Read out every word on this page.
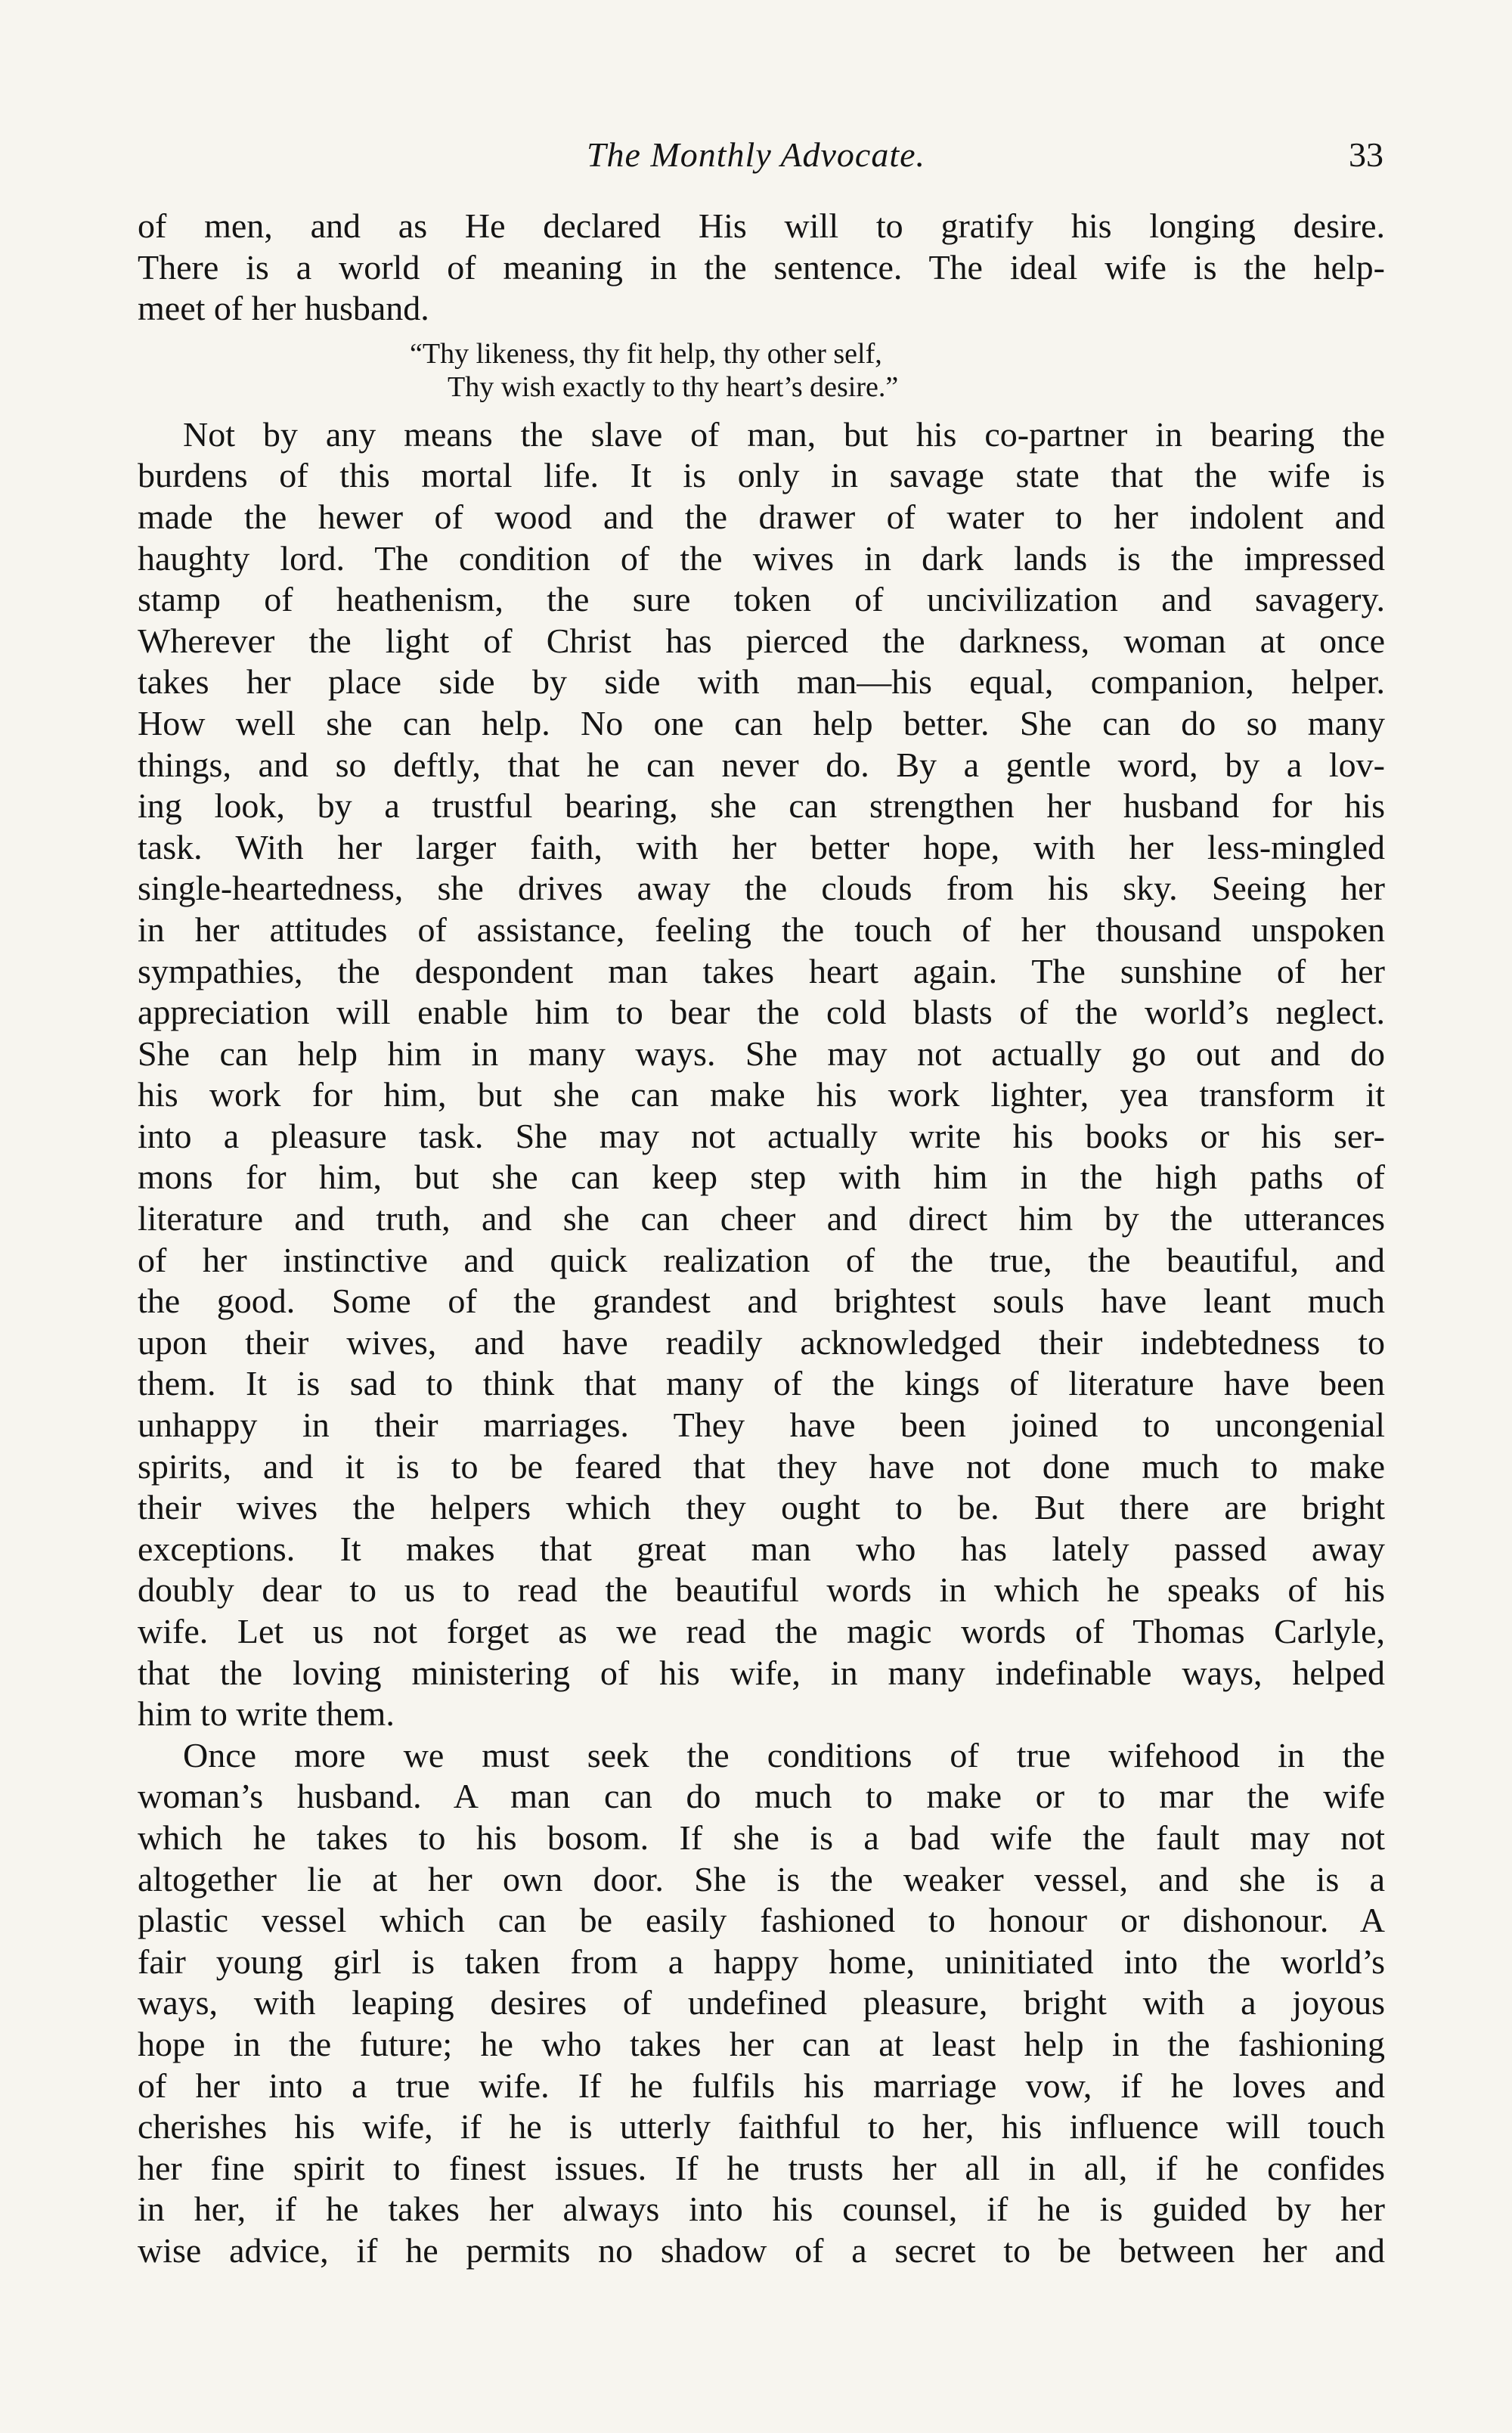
The Monthly Advocate.	33
of men, and as He declared His will to gratify his longing desire.
There is a world of meaning in the sentence. The ideal wife is the help-
meet of her husband.
“Thy likeness, thy fit help, thy other self,
Thy wish exactly to thy heart’s desire.”
Not by any means the slave of man, but his co-partner in bearing the
burdens of this mortal life. It is only in savage state that the wife is
made the hewer of wood and the drawer of water to her indolent and
haughty lord. The condition of the wives in dark lands is the impressed
stamp of heathenism, the sure token of uncivilization and savagery.
Wherever the light of Christ has pierced the darkness, woman at once
takes her place side by side with man—his equal, companion, helper.
How well she can help. No one can help better. She can do so many
things, and so deftly, that he can never do. By a gentle word, by a lov-
ing look, by a trustful bearing, she can strengthen her husband for his
task. With her larger faith, with her better hope, with her less-mingled
single-heartedness, she drives away the clouds from his sky. Seeing her
in her attitudes of assistance, feeling the touch of her thousand unspoken
sympathies, the despondent man takes heart again. The sunshine of her
appreciation will enable him to bear the cold blasts of the world’s neglect.
She can help him in many ways. She may not actually go out and do
his work for him, but she can make his work lighter, yea transform it
into a pleasure task. She may not actually write his books or his ser-
mons for him, but she can keep step with him in the high paths of
literature and truth, and she can cheer and direct him by the utterances
of her instinctive and quick realization of the true, the beautiful, and
the good. Some of the grandest and brightest souls have leant much
upon their wives, and have readily acknowledged their indebtedness to
them. It is sad to think that many of the kings of literature have been
unhappy in their marriages. They have been joined to uncongenial
spirits, and it is to be feared that they have not done much to make
their wives the helpers which they ought to be. But there are bright
exceptions. It makes that great man who has lately passed away
doubly dear to us to read the beautiful words in which he speaks of his
wife. Let us not forget as we read the magic words of Thomas Carlyle,
that the loving ministering of his wife, in many indefinable ways, helped
him to write them.
Once more we must seek the conditions of true wifehood in the
woman’s husband. A man can do much to make or to mar the wife
which he takes to his bosom. If she is a bad wife the fault may not
altogether lie at her own door. She is the weaker vessel, and she is a
plastic vessel which can be easily fashioned to honour or dishonour. A
fair young girl is taken from a happy home, uninitiated into the world’s
ways, with leaping desires of undefined pleasure, bright with a joyous
hope in the future; he who takes her can at least help in the fashioning
of her into a true wife. If he fulfils his marriage vow, if he loves and
cherishes his wife, if he is utterly faithful to her, his influence will touch
her fine spirit to finest issues. If he trusts her all in all, if he confides
in her, if he takes her always into his counsel, if he is guided by her
wise advice, if he permits no shadow of a secret to be between her and
